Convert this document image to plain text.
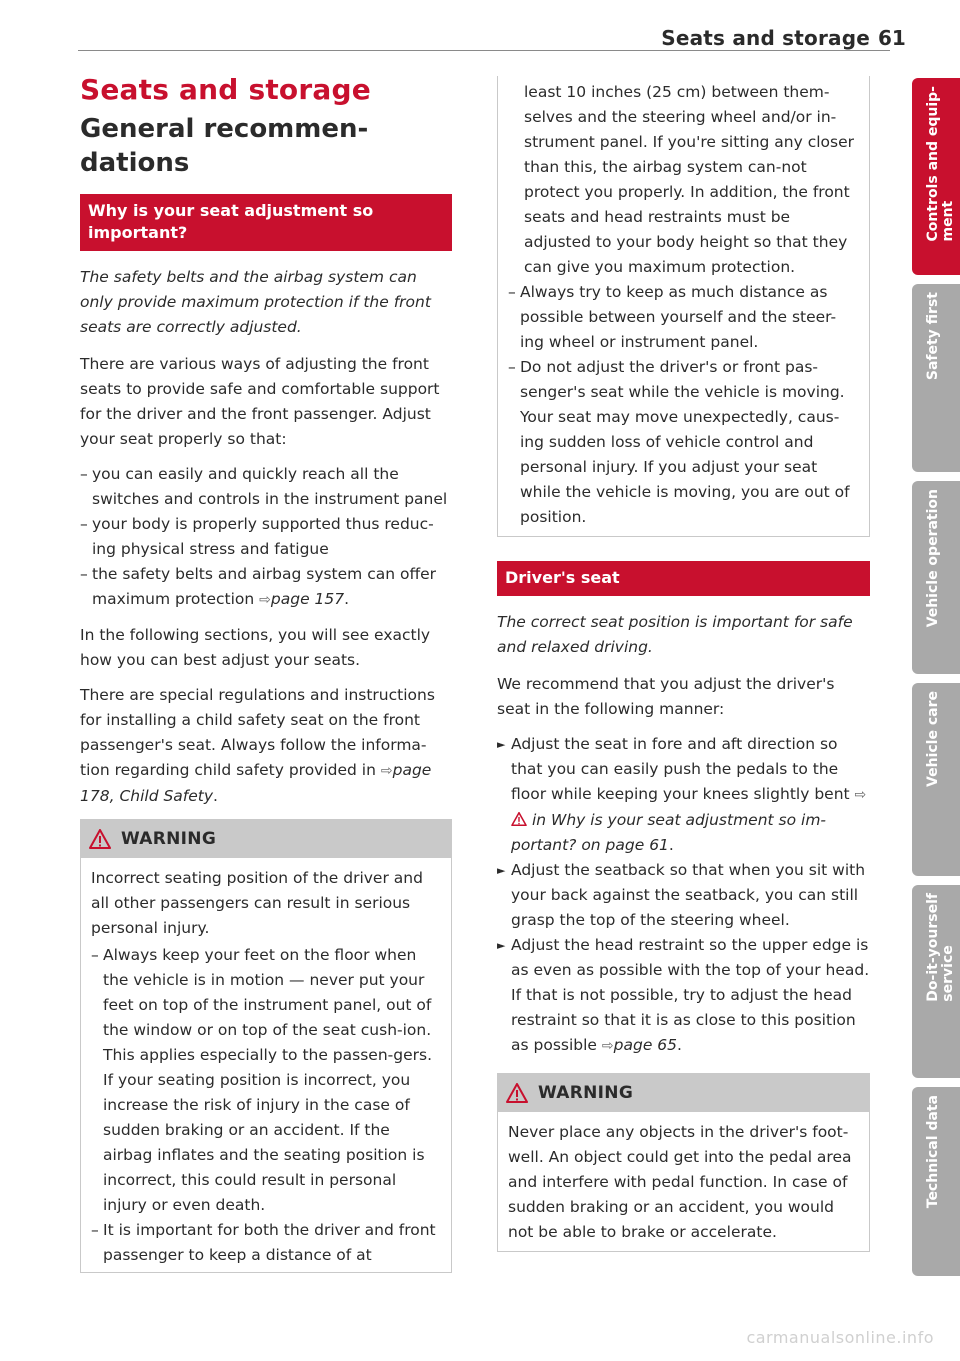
Seats and storage 61
Seats and storage
General recommen-dations
Why is your seat adjustment so important?

The safety belts and the airbag system can only provide maximum protection if the front seats are correctly adjusted.

There are various ways of adjusting the front seats to provide safe and comfortable support for the driver and the front passenger. Adjust your seat properly so that:

– you can easily and quickly reach all the switches and controls in the instrument panel
– your body is properly supported thus reduc-ing physical stress and fatigue
– the safety belts and airbag system can offer maximum protection ⇨page 157.

In the following sections, you will see exactly how you can best adjust your seats.

There are special regulations and instructions for installing a child safety seat on the front passenger's seat. Always follow the informa-tion regarding child safety provided in ⇨page 178, Child Safety.

WARNING

Incorrect seating position of the driver and all other passengers can result in serious personal injury.

– Always keep your feet on the floor when the vehicle is in motion — never put your feet on top of the instrument panel, out of the window or on top of the seat cush-ion. This applies especially to the passen-gers. If your seating position is incorrect, you increase the risk of injury in the case of sudden braking or an accident. If the airbag inflates and the seating position is incorrect, this could result in personal injury or even death.
– It is important for both the driver and front passenger to keep a distance of at

least 10 inches (25 cm) between them-selves and the steering wheel and/or in-strument panel. If you're sitting any closer than this, the airbag system can-not protect you properly. In addition, the front seats and head restraints must be adjusted to your body height so that they can give you maximum protection.

– Always try to keep as much distance as possible between yourself and the steer-ing wheel or instrument panel.
– Do not adjust the driver's or front pas-senger's seat while the vehicle is moving. Your seat may move unexpectedly, caus-ing sudden loss of vehicle control and personal injury. If you adjust your seat while the vehicle is moving, you are out of position.
Driver's seat

The correct seat position is important for safe and relaxed driving.

We recommend that you adjust the driver's seat in the following manner:

► Adjust the seat in fore and aft direction so that you can easily push the pedals to the floor while keeping your knees slightly bent ⇨  in Why is your seat adjustment so im-portant? on page 61.
► Adjust the seatback so that when you sit with your back against the seatback, you can still grasp the top of the steering wheel.
► Adjust the head restraint so the upper edge is as even as possible with the top of your head. If that is not possible, try to adjust the head restraint so that it is as close to this position as possible ⇨page 65.
WARNING

Never place any objects in the driver's foot-well. An object could get into the pedal area and interfere with pedal function. In case of sudden braking or an accident, you would not be able to brake or accelerate.

Controls and equip-
ment
Safety first
Vehicle operation
Vehicle care
Do-it-yourself
service
Technical data
carmanualsonline.info
